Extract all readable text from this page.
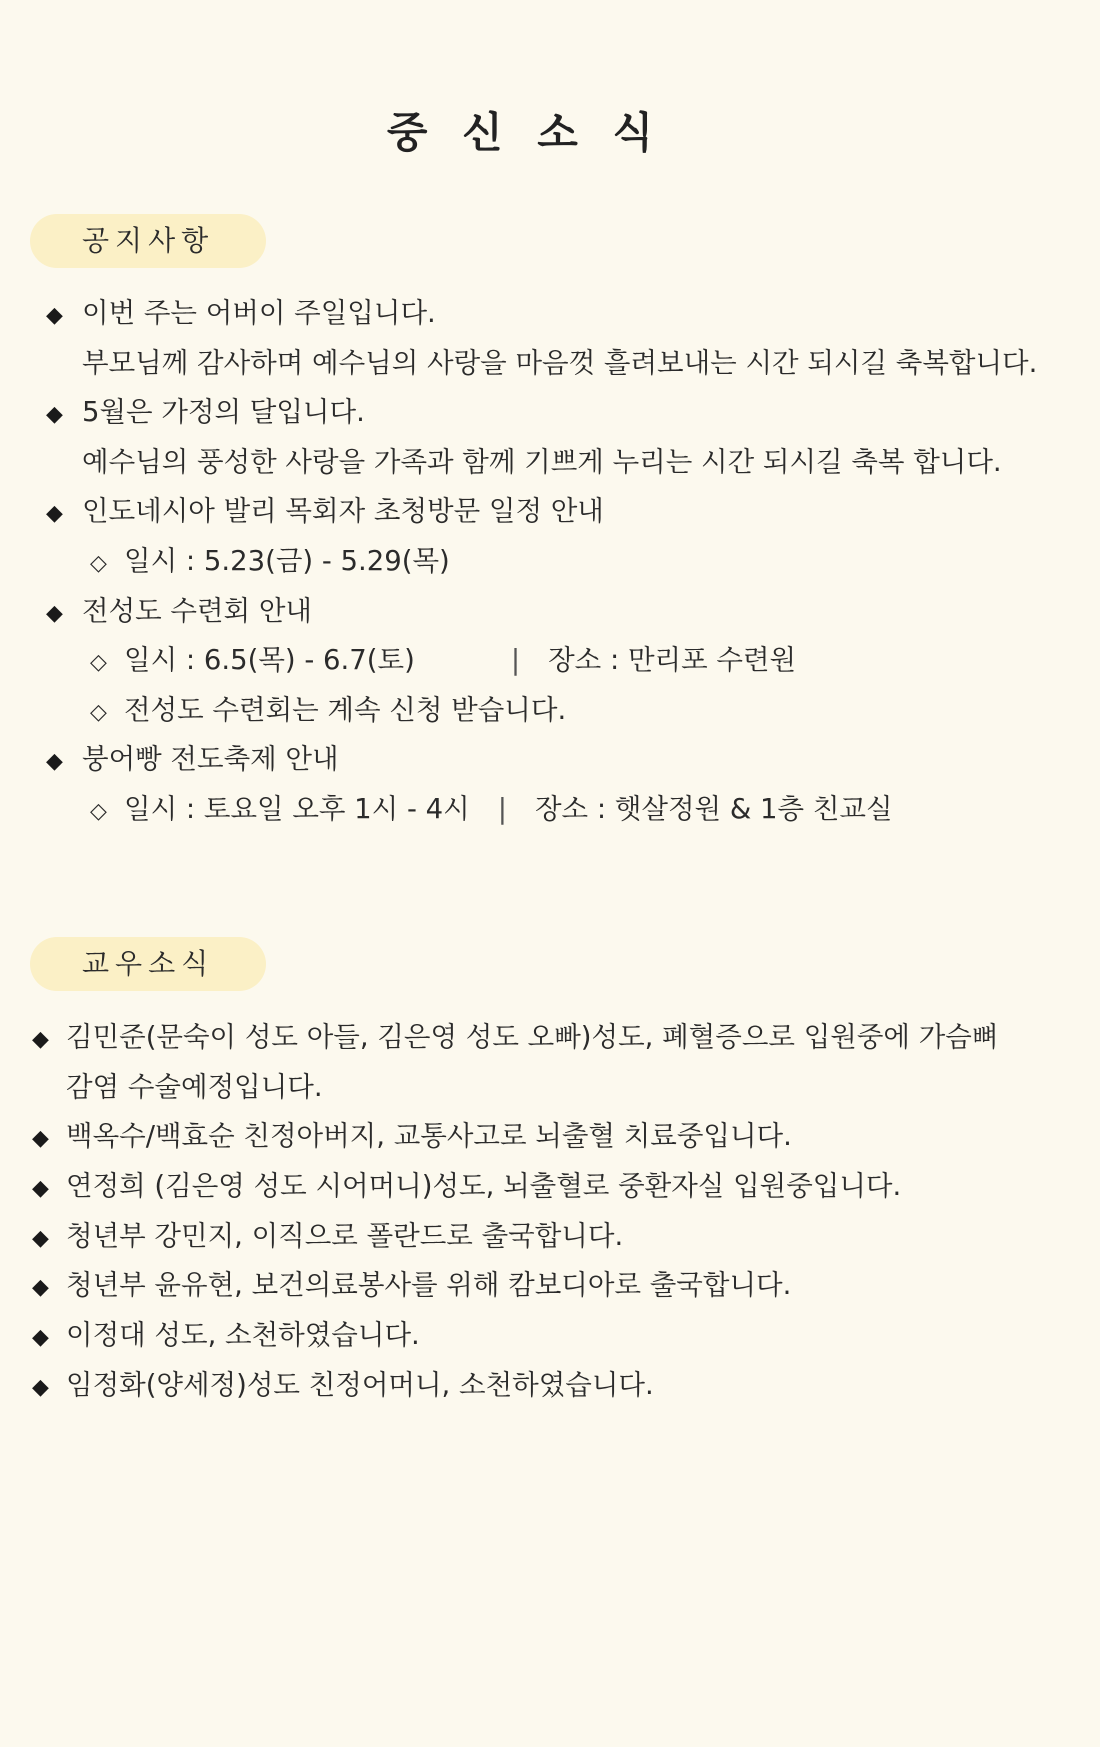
중 신 소 식
공지사항
◆ 이번 주는 어버이 주일입니다.
부모님께 감사하며 예수님의 사랑을 마음껏 흘려보내는 시간 되시길 축복합니다.
◆ 5월은 가정의 달입니다.
예수님의 풍성한 사랑을 가족과 함께 기쁘게 누리는 시간 되시길 축복 합니다.
◆ 인도네시아 발리 목회자 초청방문 일정 안내
◇ 일시 : 5.23(금) - 5.29(목)
◆ 전성도 수련회 안내
◇ 일시 : 6.5(목) - 6.7(토)	| 장소 : 만리포 수련원
◇ 전성도 수련회는 계속 신청 받습니다.
◆ 붕어빵 전도축제 안내
◇ 일시 : 토요일 오후 1시 - 4시 | 장소 : 햇살정원 & 1층 친교실
교우소식
◆ 김민준(문숙이 성도 아들, 김은영 성도 오빠)성도, 폐혈증으로 입원중에 가슴뼈
감염 수술예정입니다.
◆ 백옥수/백효순 친정아버지, 교통사고로 뇌출혈 치료중입니다.
◆ 연정희 (김은영 성도 시어머니)성도, 뇌출혈로 중환자실 입원중입니다.
◆ 청년부 강민지, 이직으로 폴란드로 출국합니다.
◆ 청년부 윤유현, 보건의료봉사를 위해 캄보디아로 출국합니다.
◆ 이정대 성도, 소천하였습니다.
◆ 임정화(양세정)성도 친정어머니, 소천하였습니다.
